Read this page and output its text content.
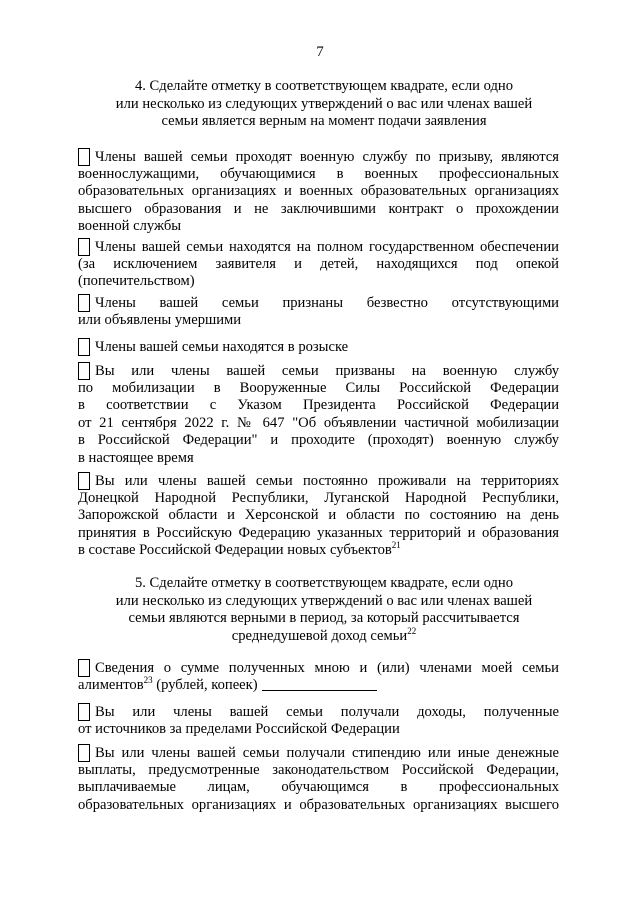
7
4. Сделайте отметку в соответствующем квадрате, если одно
или несколько из следующих утверждений о вас или членах вашей
семьи является верным на момент подачи заявления
Члены вашей семьи проходят военную службу по призыву, являются
военнослужащими, обучающимися в военных профессиональных
образовательных организациях и военных образовательных организациях
высшего образования и не заключившими контракт о прохождении
военной службы
Члены вашей семьи находятся на полном государственном обеспечении
(за исключением заявителя и детей, находящихся под опекой
(попечительством)
Члены вашей семьи признаны безвестно отсутствующими
или объявлены умершими
Члены вашей семьи находятся в розыске
Вы или члены вашей семьи призваны на военную службу
по мобилизации в Вооруженные Силы Российской Федерации
в соответствии с Указом Президента Российской Федерации
от 21 сентября 2022 г. № 647 "Об объявлении частичной мобилизации
в Российской Федерации" и проходите (проходят) военную службу
в настоящее время
Вы или члены вашей семьи постоянно проживали на территориях
Донецкой Народной Республики, Луганской Народной Республики,
Запорожской области и Херсонской и области по состоянию на день
принятия в Российскую Федерацию указанных территорий и образования
в составе Российской Федерации новых субъектов$^{21}$
5. Сделайте отметку в соответствующем квадрате, если одно
или несколько из следующих утверждений о вас или членах вашей
семьи являются верными в период, за который рассчитывается
среднедушевой доход семьи$^{22}$
Сведения о сумме полученных мною и (или) членами моей семьи
алиментов$^{23}$ (рублей, копеек)
Вы или члены вашей семьи получали доходы, полученные
от источников за пределами Российской Федерации
Вы или члены вашей семьи получали стипендию или иные денежные
выплаты, предусмотренные законодательством Российской Федерации,
выплачиваемые лицам, обучающимся в профессиональных
образовательных организациях и образовательных организациях высшего
